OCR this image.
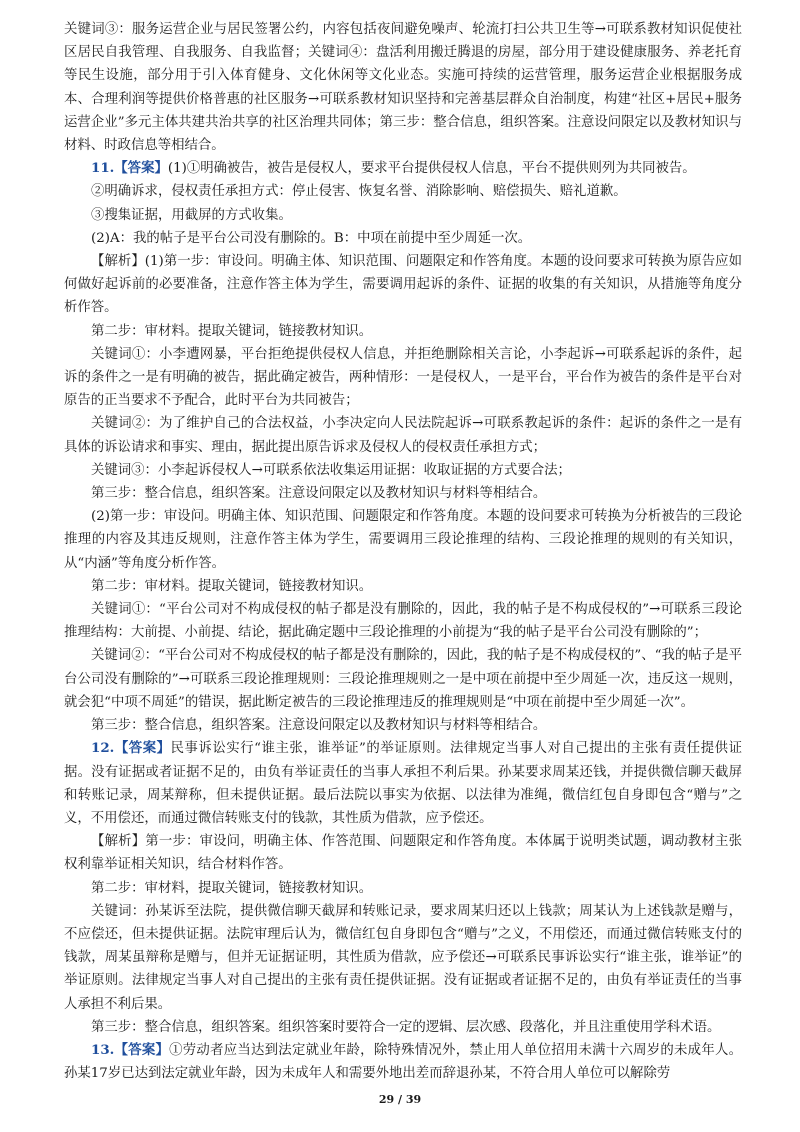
关键词③：服务运营企业与居民签署公约，内容包括夜间避免噪声、轮流打扫公共卫生等→可联系教材知识促使社区居民自我管理、自我服务、自我监督；关键词④：盘活利用搬迁腾退的房屋，部分用于建设健康服务、养老托育等民生设施，部分用于引入体育健身、文化休闲等文化业态。实施可持续的运营管理，服务运营企业根据服务成本、合理利润等提供价格普惠的社区服务→可联系教材知识坚持和完善基层群众自治制度，构建“社区+居民+服务运营企业”多元主体共建共治共享的社区治理共同体；第三步：整合信息，组织答案。注意设问限定以及教材知识与材料、时政信息等相结合。

11.【答案】(1)①明确被告，被告是侵权人，要求平台提供侵权人信息，平台不提供则列为共同被告。

②明确诉求，侵权责任承担方式：停止侵害、恢复名誉、消除影响、赔偿损失、赔礼道歉。

③搜集证据，用截屏的方式收集。

(2)A：我的帖子是平台公司没有删除的。B：中项在前提中至少周延一次。

【解析】(1)第一步：审设问。明确主体、知识范围、问题限定和作答角度。本题的设问要求可转换为原告应如何做好起诉前的必要准备，注意作答主体为学生，需要调用起诉的条件、证据的收集的有关知识，从措施等角度分析作答。

第二步：审材料。提取关键词，链接教材知识。

关键词①：小李遭网暴，平台拒绝提供侵权人信息，并拒绝删除相关言论，小李起诉→可联系起诉的条件，起诉的条件之一是有明确的被告，据此确定被告，两种情形：一是侵权人，一是平台，平台作为被告的条件是平台对原告的正当要求不予配合，此时平台为共同被告；

关键词②：为了维护自己的合法权益，小李决定向人民法院起诉→可联系教起诉的条件：起诉的条件之一是有具体的诉讼请求和事实、理由，据此提出原告诉求及侵权人的侵权责任承担方式；

关键词③：小李起诉侵权人→可联系依法收集运用证据：收取证据的方式要合法；

第三步：整合信息，组织答案。注意设问限定以及教材知识与材料等相结合。

(2)第一步：审设问。明确主体、知识范围、问题限定和作答角度。本题的设问要求可转换为分析被告的三段论推理的内容及其违反规则，注意作答主体为学生，需要调用三段论推理的结构、三段论推理的规则的有关知识，从“内涵”等角度分析作答。

第二步：审材料。提取关键词，链接教材知识。

关键词①：“平台公司对不构成侵权的帖子都是没有删除的，因此，我的帖子是不构成侵权的”→可联系三段论推理结构：大前提、小前提、结论，据此确定题中三段论推理的小前提为“我的帖子是平台公司没有删除的”；

关键词②：“平台公司对不构成侵权的帖子都是没有删除的，因此，我的帖子是不构成侵权的”、“我的帖子是平台公司没有删除的”→可联系三段论推理规则：三段论推理规则之一是中项在前提中至少周延一次，违反这一规则，就会犯“中项不周延”的错误，据此断定被告的三段论推理违反的推理规则是“中项在前提中至少周延一次”。

第三步：整合信息，组织答案。注意设问限定以及教材知识与材料等相结合。

12.【答案】民事诉讼实行“谁主张，谁举证”的举证原则。法律规定当事人对自己提出的主张有责任提供证据。没有证据或者证据不足的，由负有举证责任的当事人承担不利后果。孙某要求周某还钱，并提供微信聊天截屏和转账记录，周某辩称，但未提供证据。最后法院以事实为依据、以法律为准绳，微信红包自身即包含“赠与”之义，不用偿还，而通过微信转账支付的钱款，其性质为借款，应予偿还。

【解析】第一步：审设问，明确主体、作答范围、问题限定和作答角度。本体属于说明类试题，调动教材主张权利靠举证相关知识，结合材料作答。

第二步：审材料，提取关键词，链接教材知识。

关键词：孙某诉至法院，提供微信聊天截屏和转账记录，要求周某归还以上钱款；周某认为上述钱款是赠与，不应偿还，但未提供证据。法院审理后认为，微信红包自身即包含“赠与”之义，不用偿还，而通过微信转账支付的钱款，周某虽辩称是赠与，但并无证据证明，其性质为借款，应予偿还→可联系民事诉讼实行“谁主张，谁举证”的举证原则。法律规定当事人对自己提出的主张有责任提供证据。没有证据或者证据不足的，由负有举证责任的当事人承担不利后果。

第三步：整合信息，组织答案。组织答案时要符合一定的逻辑、层次感、段落化，并且注重使用学科术语。

13.【答案】①劳动者应当达到法定就业年龄，除特殊情况外，禁止用人单位招用未满十六周岁的未成年人。孙某17岁已达到法定就业年龄，因为未成年人和需要外地出差而辞退孙某，不符合用人单位可以解除劳

29 / 39
